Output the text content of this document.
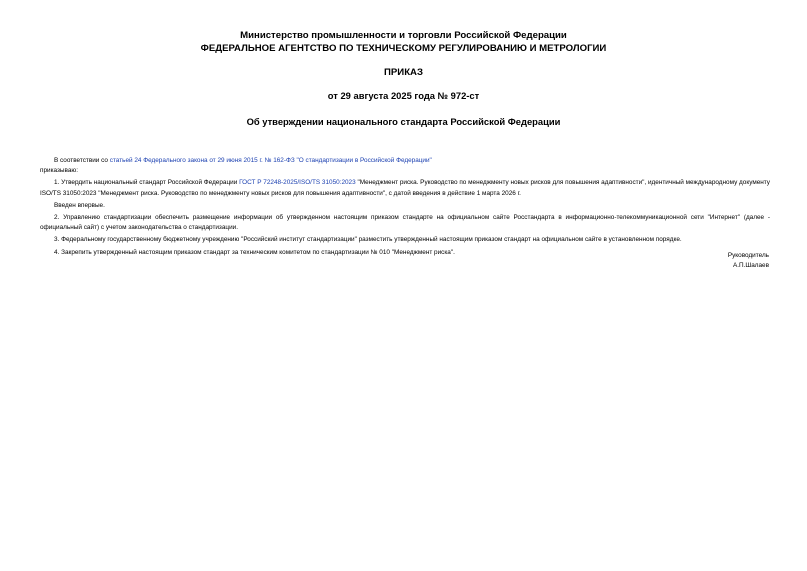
Министерство промышленности и торговли Российской Федерации
ФЕДЕРАЛЬНОЕ АГЕНТСТВО ПО ТЕХНИЧЕСКОМУ РЕГУЛИРОВАНИЮ И МЕТРОЛОГИИ
ПРИКАЗ
от 29 августа 2025 года № 972-ст
Об утверждении национального стандарта Российской Федерации

В соответствии со статьей 24 Федерального закона от 29 июня 2015 г. № 162-ФЗ "О стандартизации в Российской Федерации"

приказываю:

1. Утвердить национальный стандарт Российской Федерации ГОСТ Р 72248-2025/ISO/TS 31050:2023 "Менеджмент риска. Руководство по менеджменту новых рисков для повышения адаптивности", идентичный международному документу ISO/TS 31050:2023 "Менеджмент риска. Руководство по менеджменту новых рисков для повышения адаптивности", с датой введения в действие 1 марта 2026 г.

Введен впервые.

2. Управлению стандартизации обеспечить размещение информации об утвержденном настоящим приказом стандарте на официальном сайте Росстандарта в информационно-телекоммуникационной сети "Интернет" (далее - официальный сайт) с учетом законодательства о стандартизации.

3. Федеральному государственному бюджетному учреждению "Российский институт стандартизации" разместить утвержденный настоящим приказом стандарт на официальном сайте в установленном порядке.

4. Закрепить утвержденный настоящим приказом стандарт за техническим комитетом по стандартизации № 010 "Менеджмент риска".	Руководитель
А.П.Шалаев
